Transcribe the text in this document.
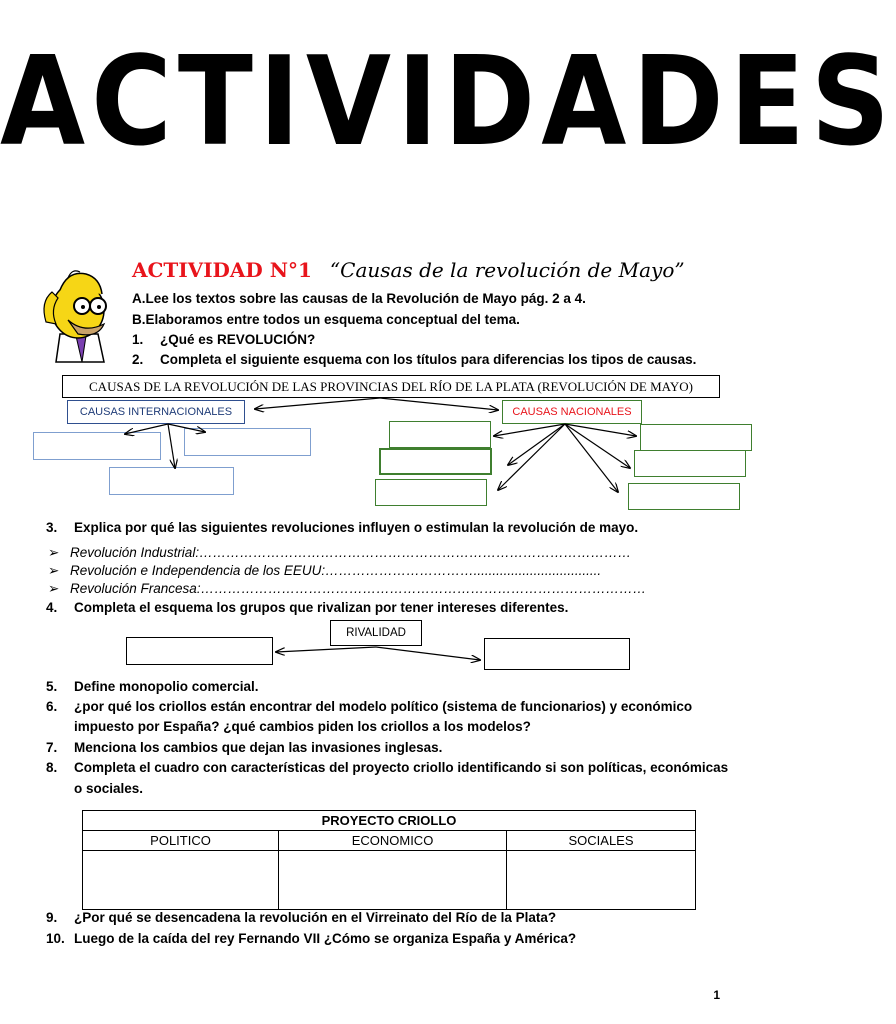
ACTIVIDADES
ACTIVIDAD N°1 “Causas de la revolución de Mayo”
A.Lee los textos sobre las causas de la Revolución de Mayo pág. 2 a 4.
B.Elaboramos entre todos un esquema conceptual del tema.
1. ¿Qué es REVOLUCIÓN?
2. Completa el siguiente esquema con los títulos para diferencias los tipos de causas.
CAUSAS DE LA REVOLUCIÓN DE LAS PROVINCIAS DEL RÍO DE LA PLATA (REVOLUCIÓN DE MAYO)
CAUSAS INTERNACIONALES	CAUSAS NACIONALES
3. Explica por qué las siguientes revoluciones influyen o estimulan la revolución de mayo.
➢ Revolución Industrial:……………………………………………………………………………………
➢ Revolución e Independencia de los EEUU:……………………………..................................
➢ Revolución Francesa:………………………………………………………………………………………
4. Completa el esquema los grupos que rivalizan por tener intereses diferentes.
RIVALIDAD
5. Define monopolio comercial.
6. ¿por qué los criollos están encontrar del modelo político (sistema de funcionarios) y económico
impuesto por España? ¿qué cambios piden los criollos a los modelos?
7. Menciona los cambios que dejan las invasiones inglesas.
8. Completa el cuadro con características del proyecto criollo identificando si son políticas, económicas
o sociales.
PROYECTO CRIOLLO		
POLITICO	ECONOMICO	SOCIALES

9. ¿Por qué se desencadena la revolución en el Virreinato del Río de la Plata?
10. Luego de la caída del rey Fernando VII ¿Cómo se organiza España y América?
1
